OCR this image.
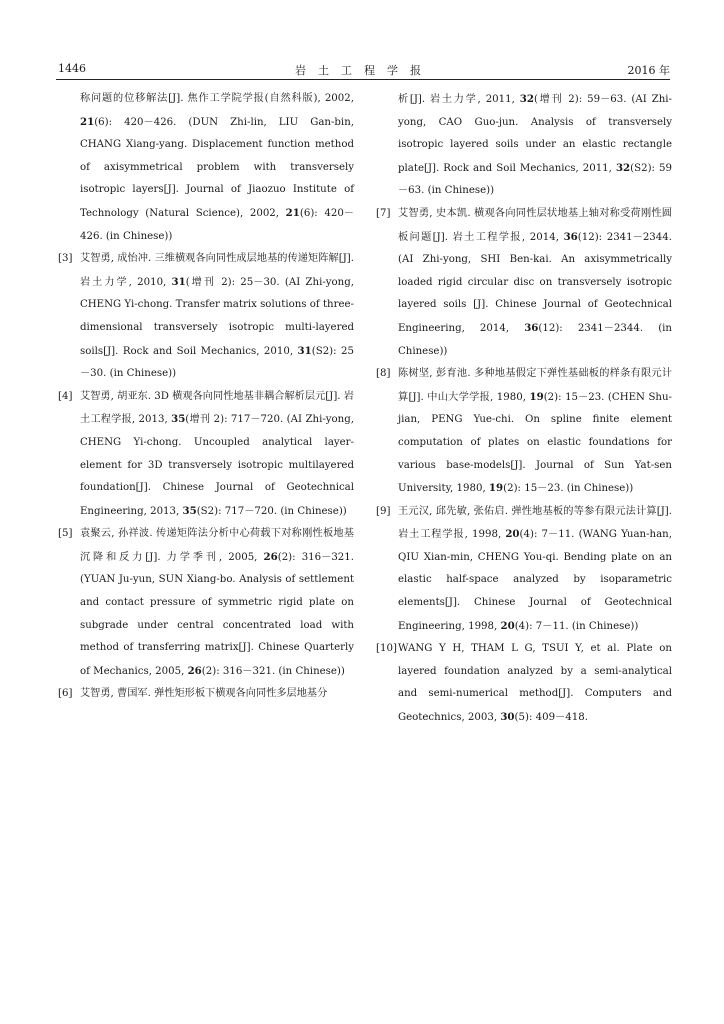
1446	岩土工程学报	2016 年
称问题的位移解法[J]. 焦作工学院学报(自然科版), 2002, 21(6): 420－426. (DUN Zhi-lin, LIU Gan-bin, CHANG Xiang-yang. Displacement function method of axisymmetrical problem with transversely isotropic layers[J]. Journal of Jiaozuo Institute of Technology (Natural Science), 2002, 21(6): 420－426. (in Chinese))
[3] 艾智勇, 成怡冲. 三维横观各向同性成层地基的传递矩阵解[J]. 岩土力学, 2010, 31(增刊 2): 25－30. (AI Zhi-yong, CHENG Yi-chong. Transfer matrix solutions of three-dimensional transversely isotropic multi-layered soils[J]. Rock and Soil Mechanics, 2010, 31(S2): 25－30. (in Chinese))
[4] 艾智勇, 胡亚东. 3D 横观各向同性地基非耦合解析层元[J]. 岩土工程学报, 2013, 35(增刊 2): 717－720. (AI Zhi-yong, CHENG Yi-chong. Uncoupled analytical layer-element for 3D transversely isotropic multilayered foundation[J]. Chinese Journal of Geotechnical Engineering, 2013, 35(S2): 717－720. (in Chinese))
[5] 袁聚云, 孙祥波. 传递矩阵法分析中心荷载下对称刚性板地基沉降和反力[J]. 力学季刊, 2005, 26(2): 316－321. (YUAN Ju-yun, SUN Xiang-bo. Analysis of settlement and contact pressure of symmetric rigid plate on subgrade under central concentrated load with method of transferring matrix[J]. Chinese Quarterly of Mechanics, 2005, 26(2): 316－321. (in Chinese))
[6] 艾智勇, 曹国军. 弹性矩形板下横观各向同性多层地基分
析[J]. 岩土力学, 2011, 32(增刊 2): 59－63. (AI Zhi-yong, CAO Guo-jun. Analysis of transversely isotropic layered soils under an elastic rectangle plate[J]. Rock and Soil Mechanics, 2011, 32(S2): 59－63. (in Chinese))
[7] 艾智勇, 史本凯. 横观各向同性层状地基上轴对称受荷刚性圆板问题[J]. 岩土工程学报, 2014, 36(12): 2341－2344. (AI Zhi-yong, SHI Ben-kai. An axisymmetrically loaded rigid circular disc on transversely isotropic layered soils [J]. Chinese Journal of Geotechnical Engineering, 2014, 36(12): 2341－2344. (in Chinese))
[8] 陈树坚, 彭育池. 多种地基假定下弹性基础板的样条有限元计算[J]. 中山大学学报, 1980, 19(2): 15－23. (CHEN Shu-jian, PENG Yue-chi. On spline finite element computation of plates on elastic foundations for various base-models[J]. Journal of Sun Yat-sen University, 1980, 19(2): 15－23. (in Chinese))
[9] 王元汉, 邱先敏, 张佑启. 弹性地基板的等参有限元法计算[J]. 岩土工程学报, 1998, 20(4): 7－11. (WANG Yuan-han, QIU Xian-min, CHENG You-qi. Bending plate on an elastic half-space analyzed by isoparametric elements[J]. Chinese Journal of Geotechnical Engineering, 1998, 20(4): 7－11. (in Chinese))
[10] WANG Y H, THAM L G, TSUI Y, et al. Plate on layered foundation analyzed by a semi-analytical and semi-numerical method[J]. Computers and Geotechnics, 2003, 30(5): 409－418.
